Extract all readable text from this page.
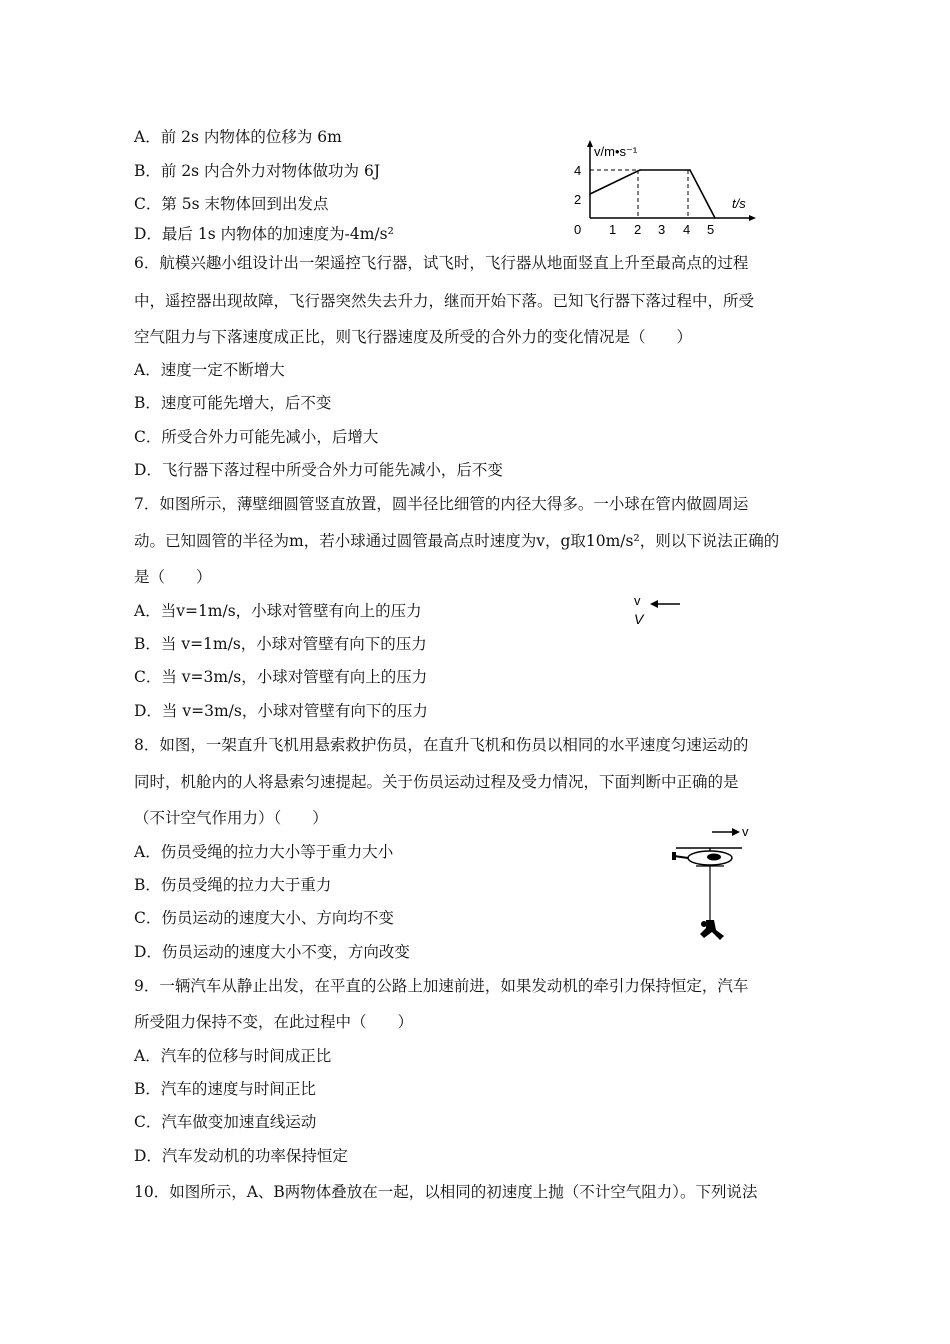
A．前 2s 内物体的位移为 6m
B．前 2s 内合外力对物体做功为 6J
C．第 5s 末物体回到出发点
D．最后 1s 内物体的加速度为-4m/s²
v/m•s⁻¹
t/s
0
2
4
1 2 3 4 5
6．航模兴趣小组设计出一架遥控飞行器，试飞时，飞行器从地面竖直上升至最高点的过程
中，遥控器出现故障，飞行器突然失去升力，继而开始下落。已知飞行器下落过程中，所受
空气阻力与下落速度成正比，则飞行器速度及所受的合外力的变化情况是（　　）
A．速度一定不断增大
B．速度可能先增大，后不变
C．所受合外力可能先减小，后增大
D．飞行器下落过程中所受合外力可能先减小，后不变
7．如图所示，薄壁细圆管竖直放置，圆半径比细管的内径大得多。一小球在管内做圆周运
动。已知圆管的半径为m，若小球通过圆管最高点时速度为v，g取10m/s²，则以下说法正确的
是（　　）
A．当v=1m/s，小球对管壁有向上的压力
B．当 v=1m/s，小球对管壁有向下的压力
C．当 v=3m/s，小球对管壁有向上的压力
D．当 v=3m/s，小球对管壁有向下的压力
v
V
8．如图，一架直升飞机用悬索救护伤员，在直升飞机和伤员以相同的水平速度匀速运动的
同时，机舱内的人将悬索匀速提起。关于伤员运动过程及受力情况，下面判断中正确的是
（不计空气作用力）（　　）
A．伤员受绳的拉力大小等于重力大小
B．伤员受绳的拉力大于重力
C．伤员运动的速度大小、方向均不变
D．伤员运动的速度大小不变，方向改变
v
9．一辆汽车从静止出发，在平直的公路上加速前进，如果发动机的牵引力保持恒定，汽车
所受阻力保持不变，在此过程中（　　）
A．汽车的位移与时间成正比
B．汽车的速度与时间正比
C．汽车做变加速直线运动
D．汽车发动机的功率保持恒定
10．如图所示，A、B两物体叠放在一起，以相同的初速度上抛（不计空气阻力）。下列说法
